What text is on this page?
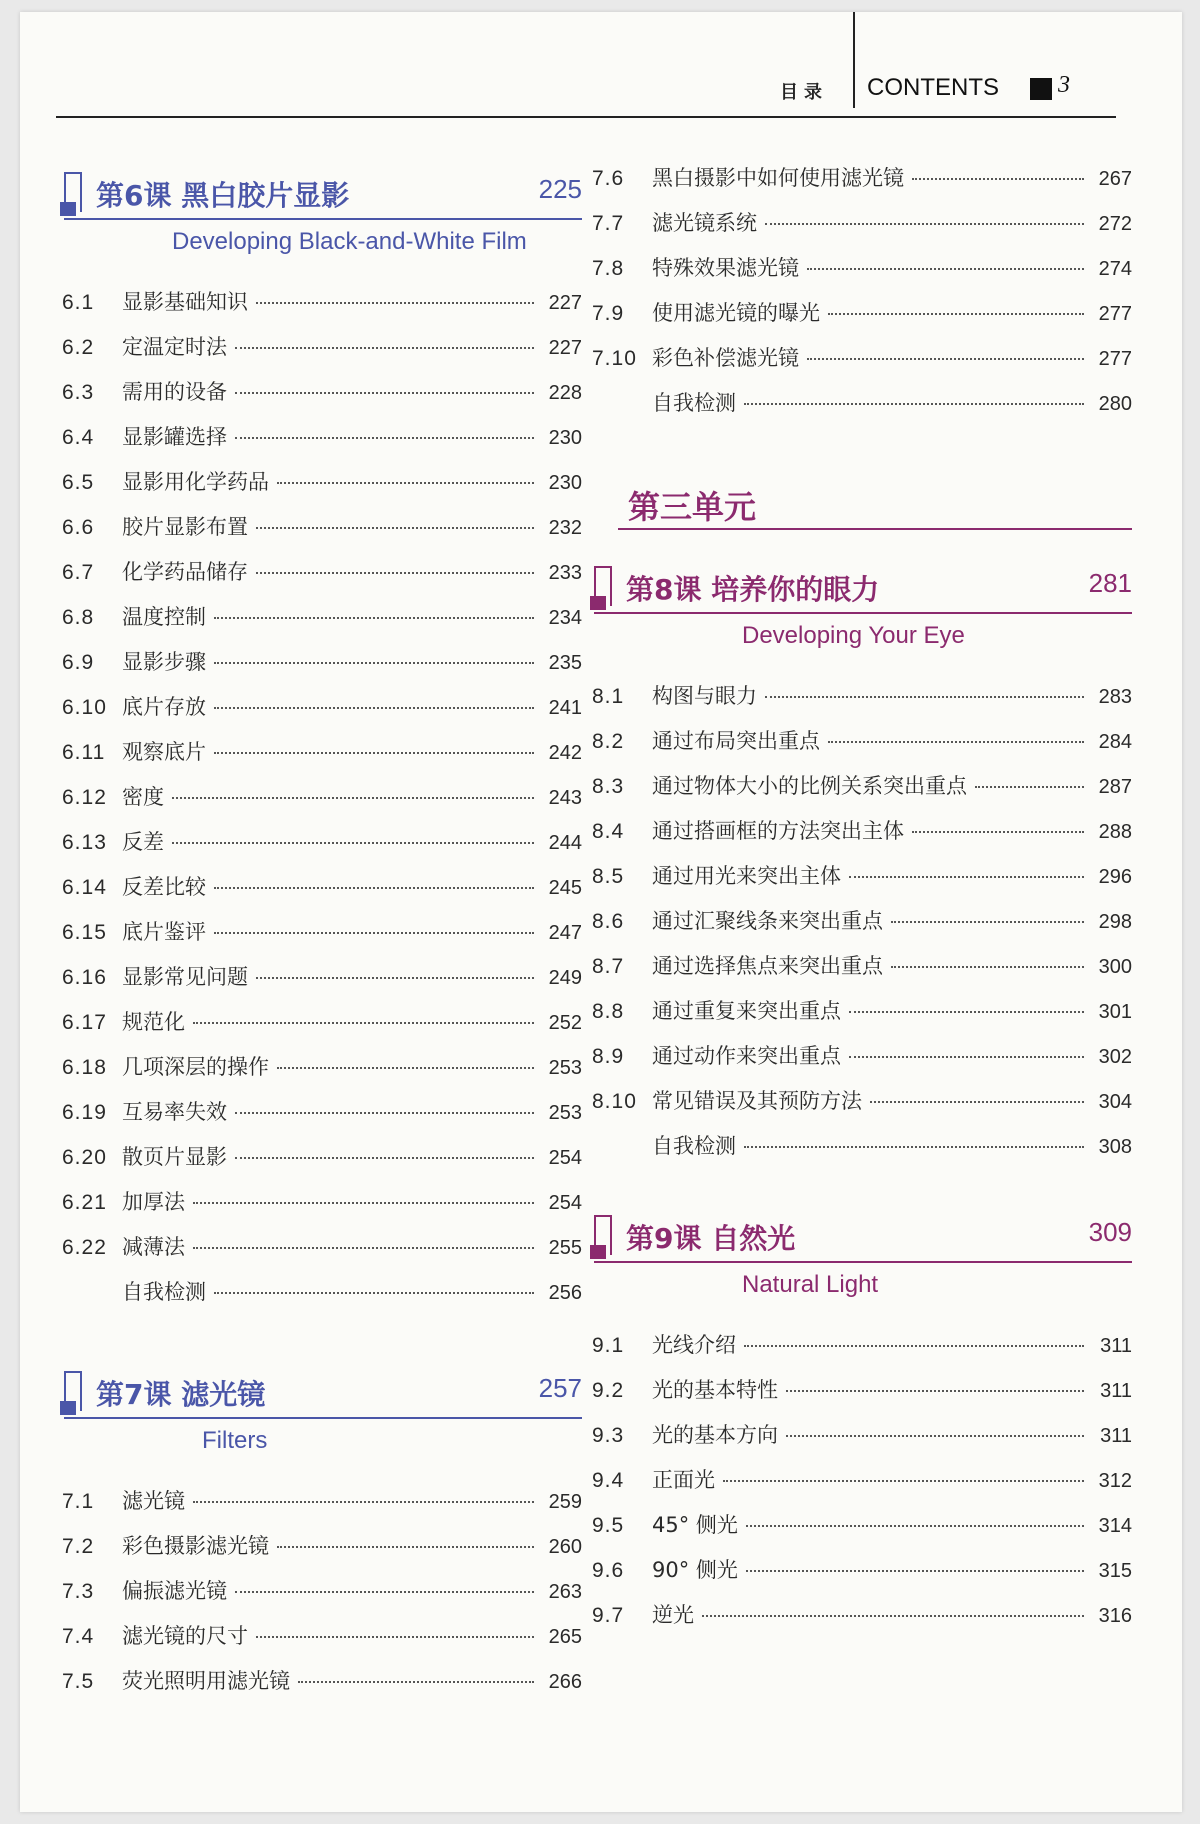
目录 CONTENTS 3
第6课 黑白胶片显影	225
Developing Black-and-White Film
6.1	显影基础知识	227
6.2	定温定时法	227
6.3	需用的设备	228
6.4	显影罐选择	230
6.5	显影用化学药品	230
6.6	胶片显影布置	232
6.7	化学药品储存	233
6.8	温度控制	234
6.9	显影步骤	235
6.10 底片存放	241
6.11 观察底片	242
6.12 密度	243
6.13 反差	244
6.14 反差比较	245
6.15 底片鉴评	247
6.16 显影常见问题	249
6.17 规范化	252
6.18 几项深层的操作	253
6.19 互易率失效	253
6.20 散页片显影	254
6.21 加厚法	254
6.22 减薄法	255
自我检测	256
第7课 滤光镜	257
Filters
7.1	滤光镜	259
7.2	彩色摄影滤光镜	260
7.3	偏振滤光镜	263
7.4	滤光镜的尺寸	265
7.5	荧光照明用滤光镜	266
7.6	黑白摄影中如何使用滤光镜	267
7.7	滤光镜系统	272
7.8	特殊效果滤光镜	274
7.9	使用滤光镜的曝光	277
7.10 彩色补偿滤光镜	277
自我检测	280
第三单元
第8课 培养你的眼力	281
Developing Your Eye
8.1	构图与眼力	283
8.2	通过布局突出重点	284
8.3	通过物体大小的比例关系突出重点	287
8.4	通过搭画框的方法突出主体	288
8.5	通过用光来突出主体	296
8.6	通过汇聚线条来突出重点	298
8.7	通过选择焦点来突出重点	300
8.8	通过重复来突出重点	301
8.9	通过动作来突出重点	302
8.10 常见错误及其预防方法	304
自我检测	308
第9课 自然光	309
Natural Light
9.1	光线介绍	311
9.2	光的基本特性	311
9.3	光的基本方向	311
9.4	正面光	312
9.5	45° 侧光	314
9.6	90° 侧光	315
9.7	逆光	316
